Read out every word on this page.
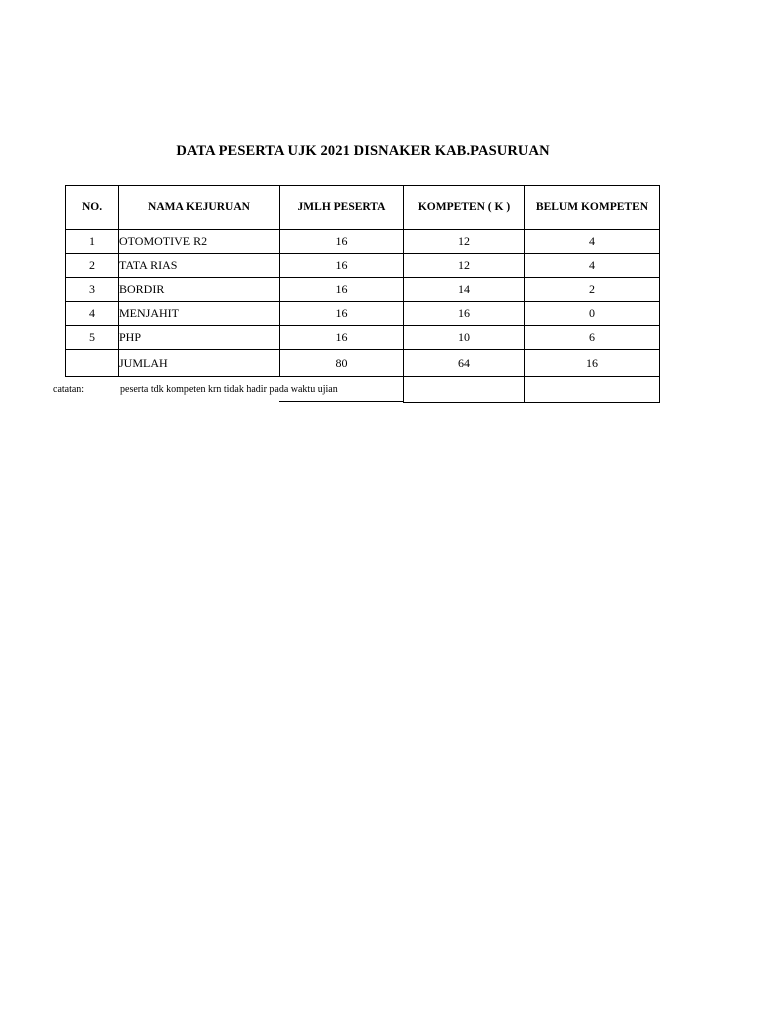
DATA PESERTA UJK 2021 DISNAKER KAB.PASURUAN
NO.	NAMA KEJURUAN	JMLH PESERTA	KOMPETEN ( K )	BELUM KOMPETEN
1	OTOMOTIVE R2	16	12	4
2	TATA RIAS	16	12	4
3	BORDIR	16	14	2
4	MENJAHIT	16	16	0
5	PHP	16	10	6
	JUMLAH	80	64	16
catatan:	peserta tdk kompeten krn tidak hadir pada waktu ujian
